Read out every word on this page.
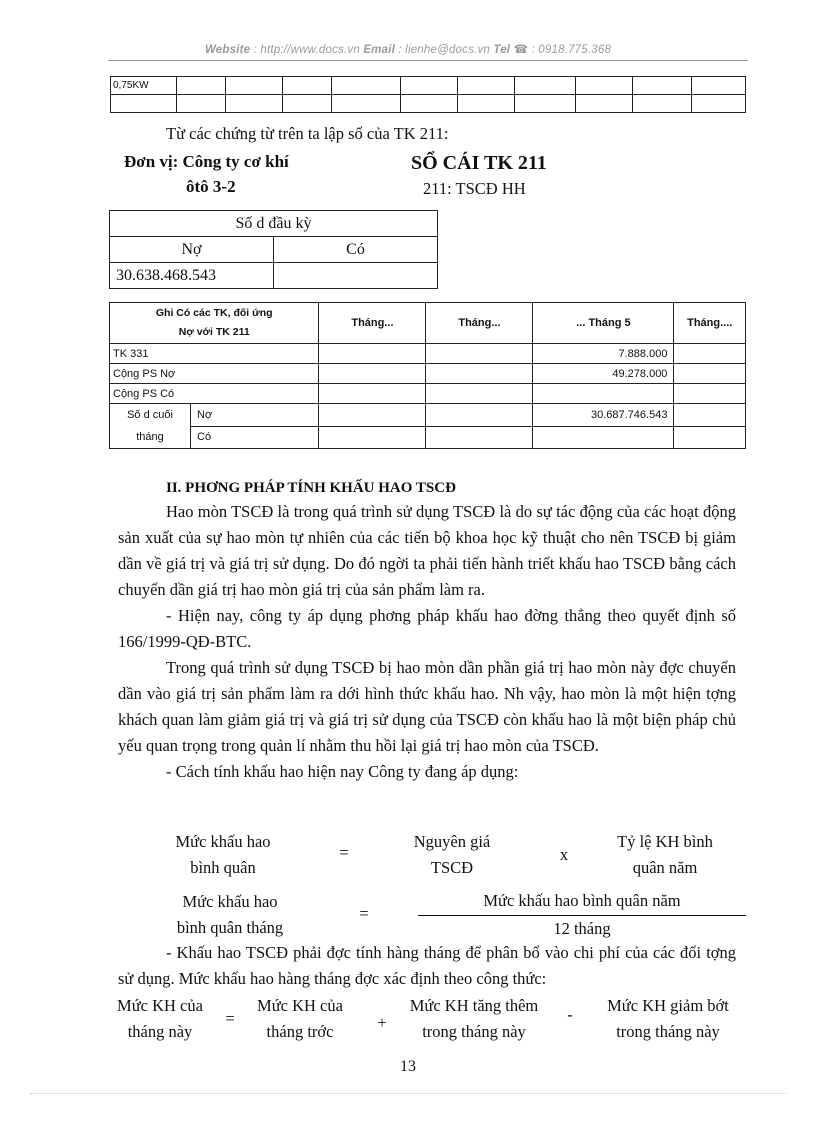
Website : http://www.docs.vn Email : lienhe@docs.vn Tel ☎ : 0918.775.368
0,75KW										

Từ các chứng từ trên ta lập sổ của TK 211:
Đơn vị: Công ty cơ khí
ôtô 3-2
SỔ CÁI TK 211
211: TSCĐ HH
Số d đầu kỳ	
Nợ	Có
30.638.468.543	
Ghi Có các TK, đối ứng
Nợ với TK 211		Tháng...	Tháng...	... Tháng 5	Tháng....
TK 331				7.888.000	
Cộng PS Nợ				49.278.000	
Cộng PS Có					

Số d cuối
tháng	Nợ			30.687.746.543	
	Có				
II. PHƠNG PHÁP TÍNH KHẤU HAO TSCĐ

Hao mòn TSCĐ là trong quá trình sử dụng TSCĐ là do sự tác động của các hoạt động sản xuất của sự hao mòn tự nhiên của các tiến bộ khoa học kỹ thuật cho nên TSCĐ bị giảm dần về giá trị và giá trị sử dụng. Do đó ngời ta phải tiến hành triết khấu hao TSCĐ bằng cách chuyển dần giá trị hao mòn giá trị của sản phẩm làm ra.

- Hiện nay, công ty áp dụng phơng pháp khấu hao đờng thẳng theo quyết định số 166/1999-QĐ-BTC.

Trong quá trình sử dụng TSCĐ bị hao mòn dần phần giá trị hao mòn này đợc chuyển dần vào giá trị sản phẩm làm ra dới hình thức khấu hao. Nh vậy, hao mòn là một hiện tợng khách quan làm giảm giá trị và giá trị sử dụng của TSCĐ còn khấu hao là một biện pháp chủ yếu quan trọng trong quản lí nhằm thu hồi lại giá trị hao mòn của TSCĐ.

- Cách tính khấu hao hiện nay Công ty đang áp dụng:

Mức khấu hao
bình quân
=
Nguyên giá
TSCĐ
x
Tỷ lệ KH bình
quân năm
Mức khấu hao
bình quân tháng
=
Mức khấu hao bình quân năm
12 tháng

- Khấu hao TSCĐ phải đợc tính hàng tháng để phân bổ vào chi phí của các đối tợng sử dụng. Mức khấu hao hàng tháng đợc xác định theo công thức:

Mức KH của
tháng này
=
Mức KH của
tháng trớc	+
Mức KH tăng thêm
trong tháng này
-	Mức KH giảm bớt
trong tháng này
13
